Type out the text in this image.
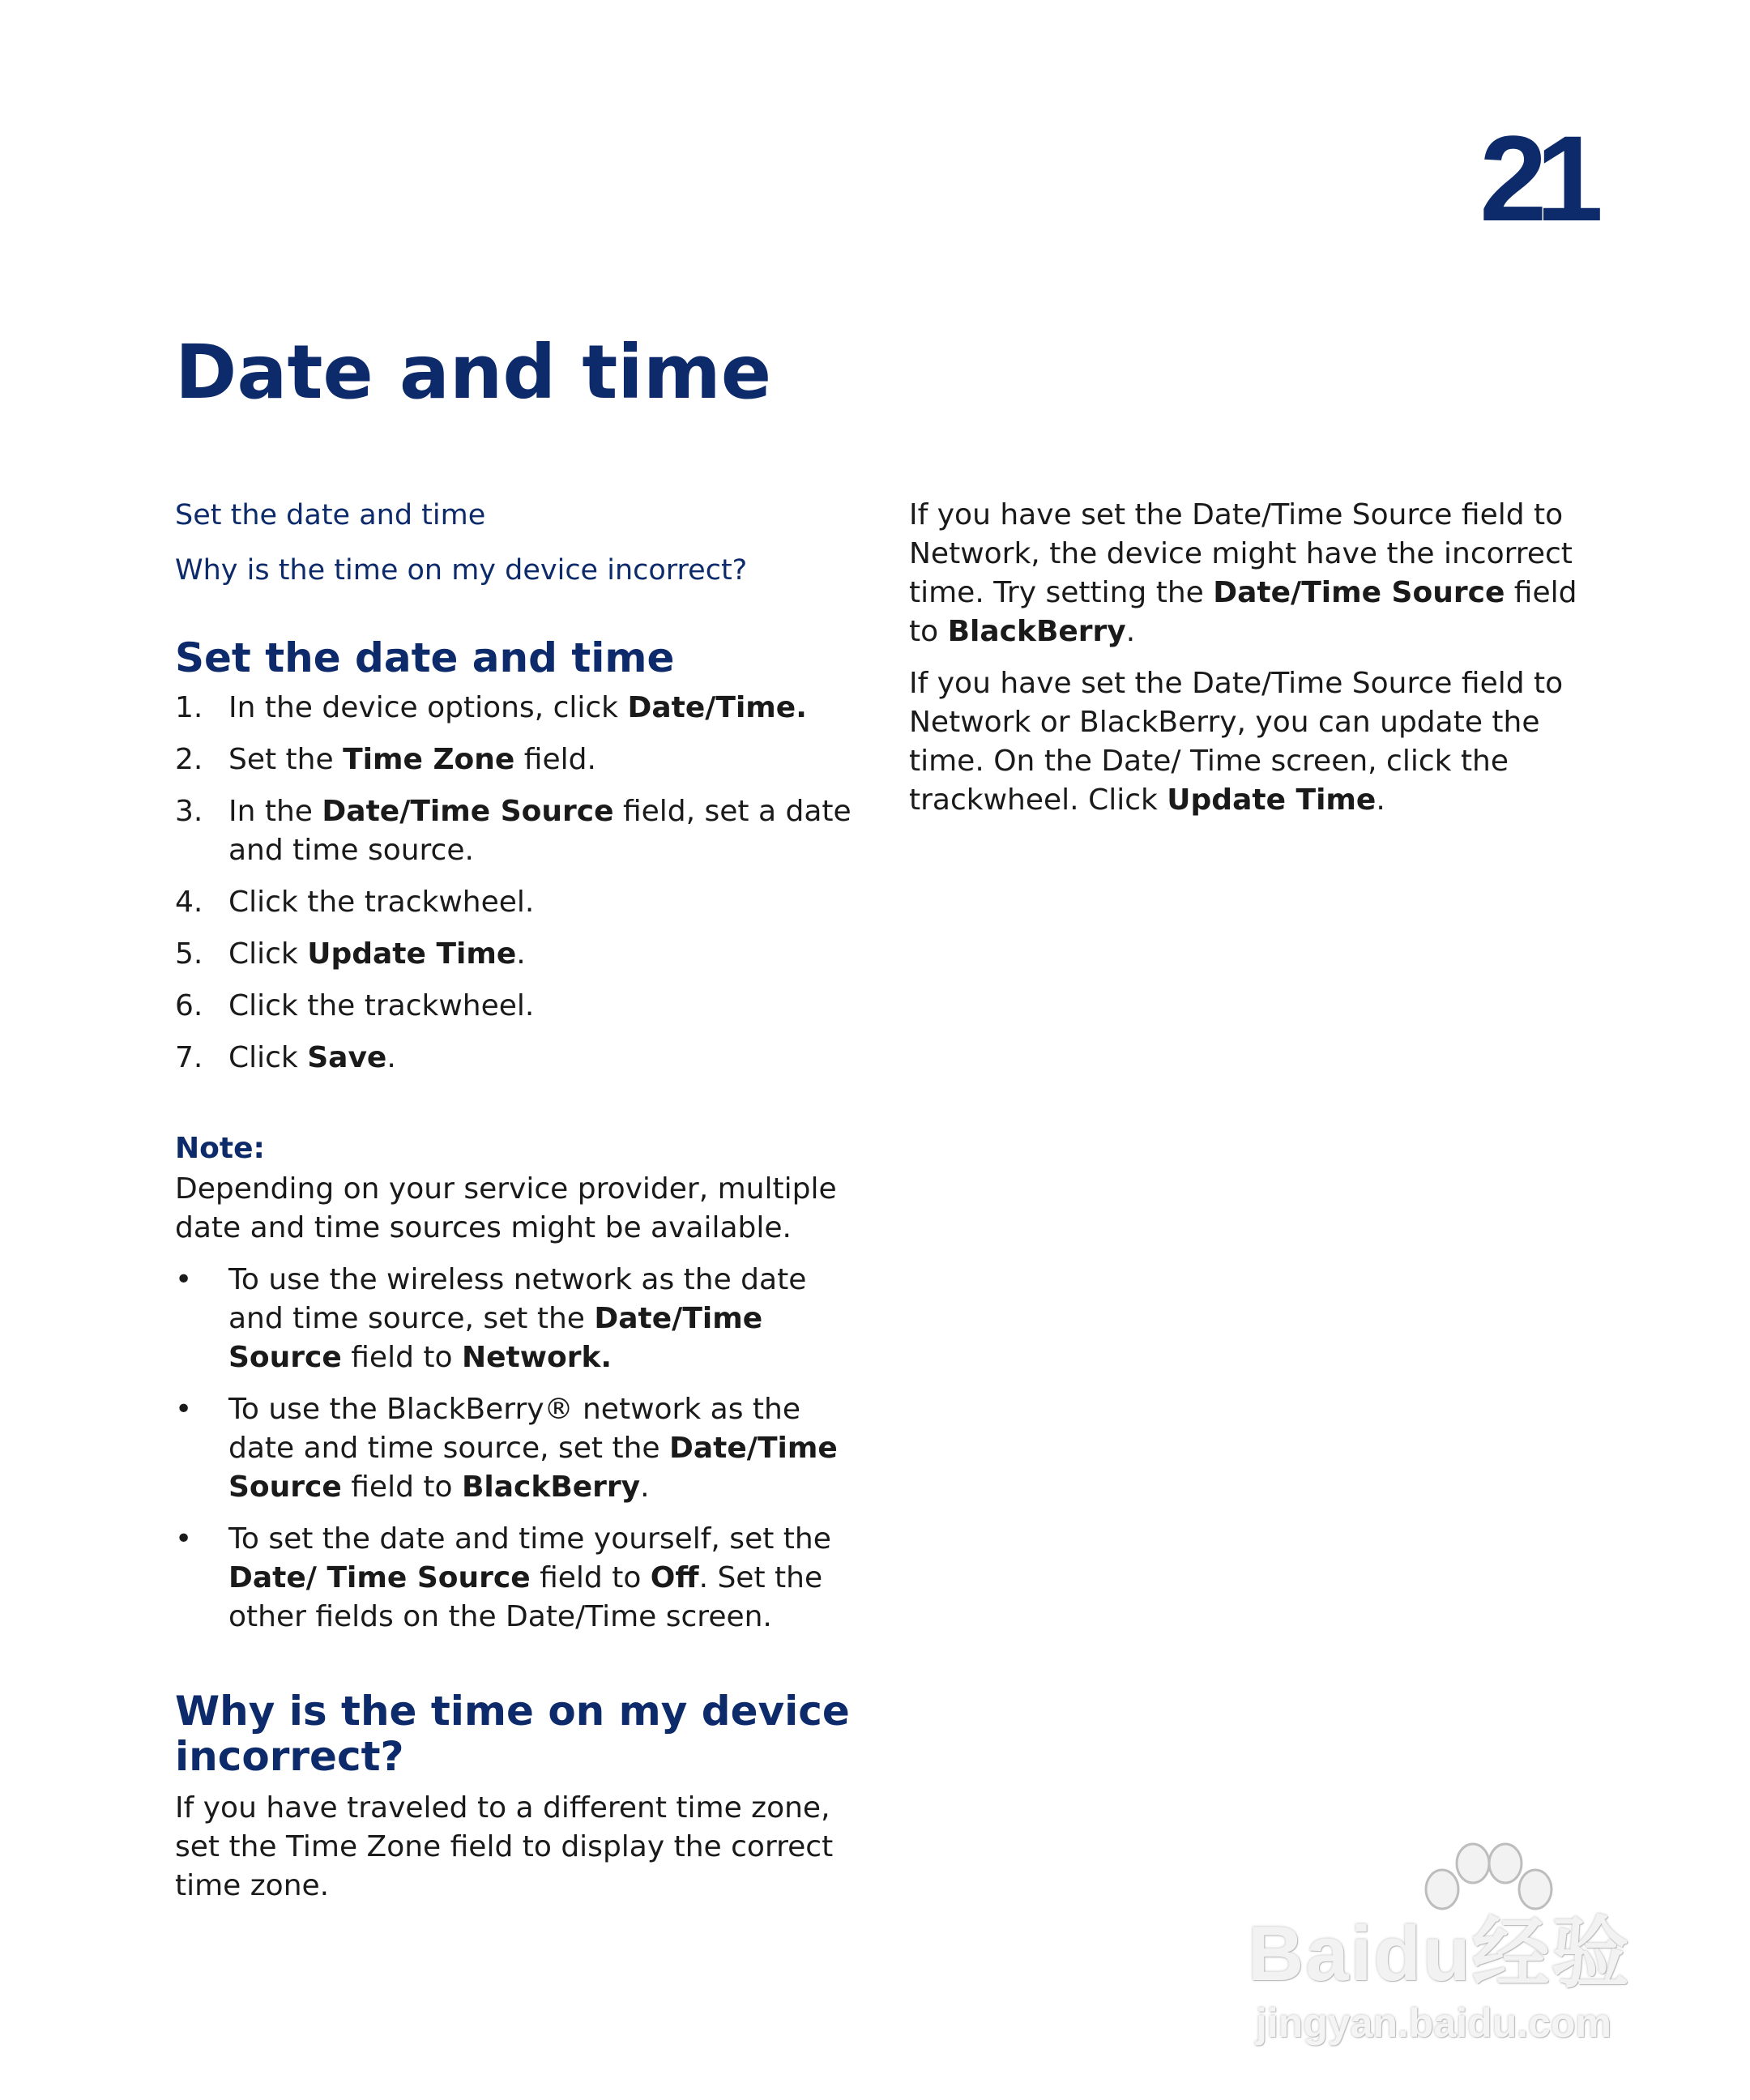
21
Date and time
Set the date and time
Why is the time on my device incorrect?
Set the date and time
1. In the device options, click Date/Time.
2. Set the Time Zone field.
3. In the Date/Time Source field, set a date and time source.
4. Click the trackwheel.
5. Click Update Time.
6. Click the trackwheel.
7. Click Save.

Note:

Depending on your service provider, multiple date and time sources might be available.

• To use the wireless network as the date and time source, set the Date/Time Source field to Network.
• To use the BlackBerry® network as the date and time source, set the Date/Time Source field to BlackBerry.
• To set the date and time yourself, set the Date/ Time Source field to Off. Set the other fields on the Date/Time screen.
Why is the time on my device incorrect?

If you have traveled to a different time zone, set the Time Zone field to display the correct time zone.

If you have set the Date/Time Source field to Network, the device might have the incorrect time. Try setting the Date/Time Source field to BlackBerry.

If you have set the Date/Time Source field to Network or BlackBerry, you can update the time. On the Date/ Time screen, click the trackwheel. Click Update Time.

Baidu经验
jingyan.baidu.com
